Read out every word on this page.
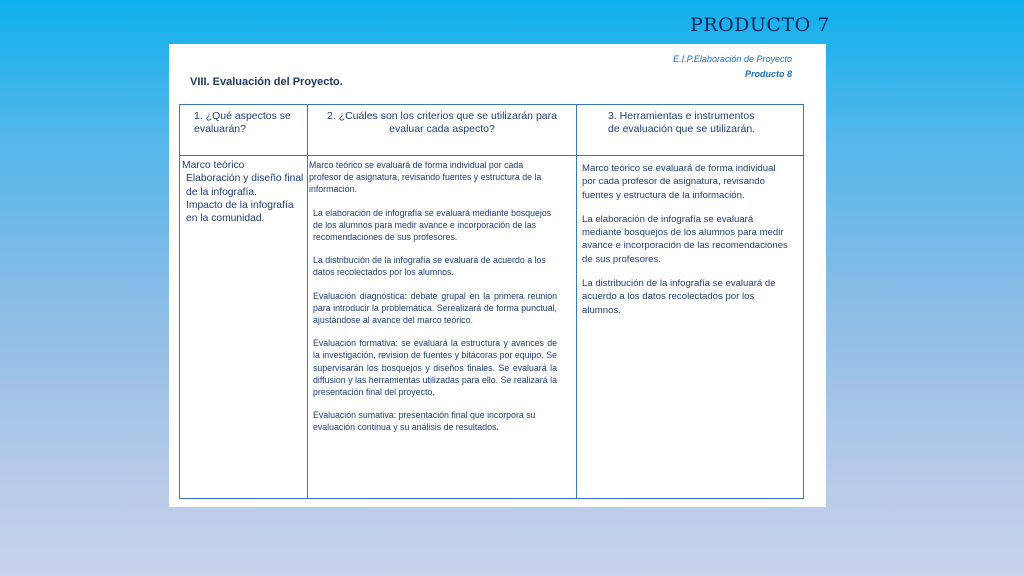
PRODUCTO 7
E.I.P.Elaboración de Proyecto
Producto 8
VIII. Evaluación del Proyecto.
1. ¿Qué aspectos se evaluarán?
2. ¿Cuáles son los criterios que se utilizarán para evaluar cada aspecto?
3. Herramientas e instrumentos de evaluación que se utilizarán.
Marco teórico
Elaboración y diseño final de la infografía.
Impacto de la infografía en la comunidad.

Marco teórico se evaluará de forma individual por cada profesor de asignatura, revisando fuentes y estructura de la información.

La elaboración de infografía se evaluará mediante bosquejos de los alumnos para medir avance e incorporación de las recomendaciones de sus profesores.

La distribución de la infografía se evaluará de acuerdo a los datos recolectados por los alumnos.

Evaluación diagnóstica: debate grupal en la primera reunion para introducir la problemática. Serealizará de forma punctual, ajustándose al avance del marco teórico.

Evaluación formativa: se evaluará la estructura y avances de la investigación, revision de fuentes y bitácoras por equipo. Se supervisarán los bosquejos y diseños finales. Se evaluará la diffusion y las herramientas utilizadas para ello. Se realizará la presentación final del proyecto.

Evaluación sumativa: presentación final que incorpora su evaluación continua y su análisis de resultados.

Marco teórico se evaluará de forma individual por cada profesor de asignatura, revisando fuentes y estructura de la información.

La elaboración de infografía se evaluará mediante bosquejos de los alumnos para medir avance e incorporación de las recomendaciones de sus profesores.

La distribución de la infografía se evaluará de acuerdo a los datos recolectados por los alumnos.
